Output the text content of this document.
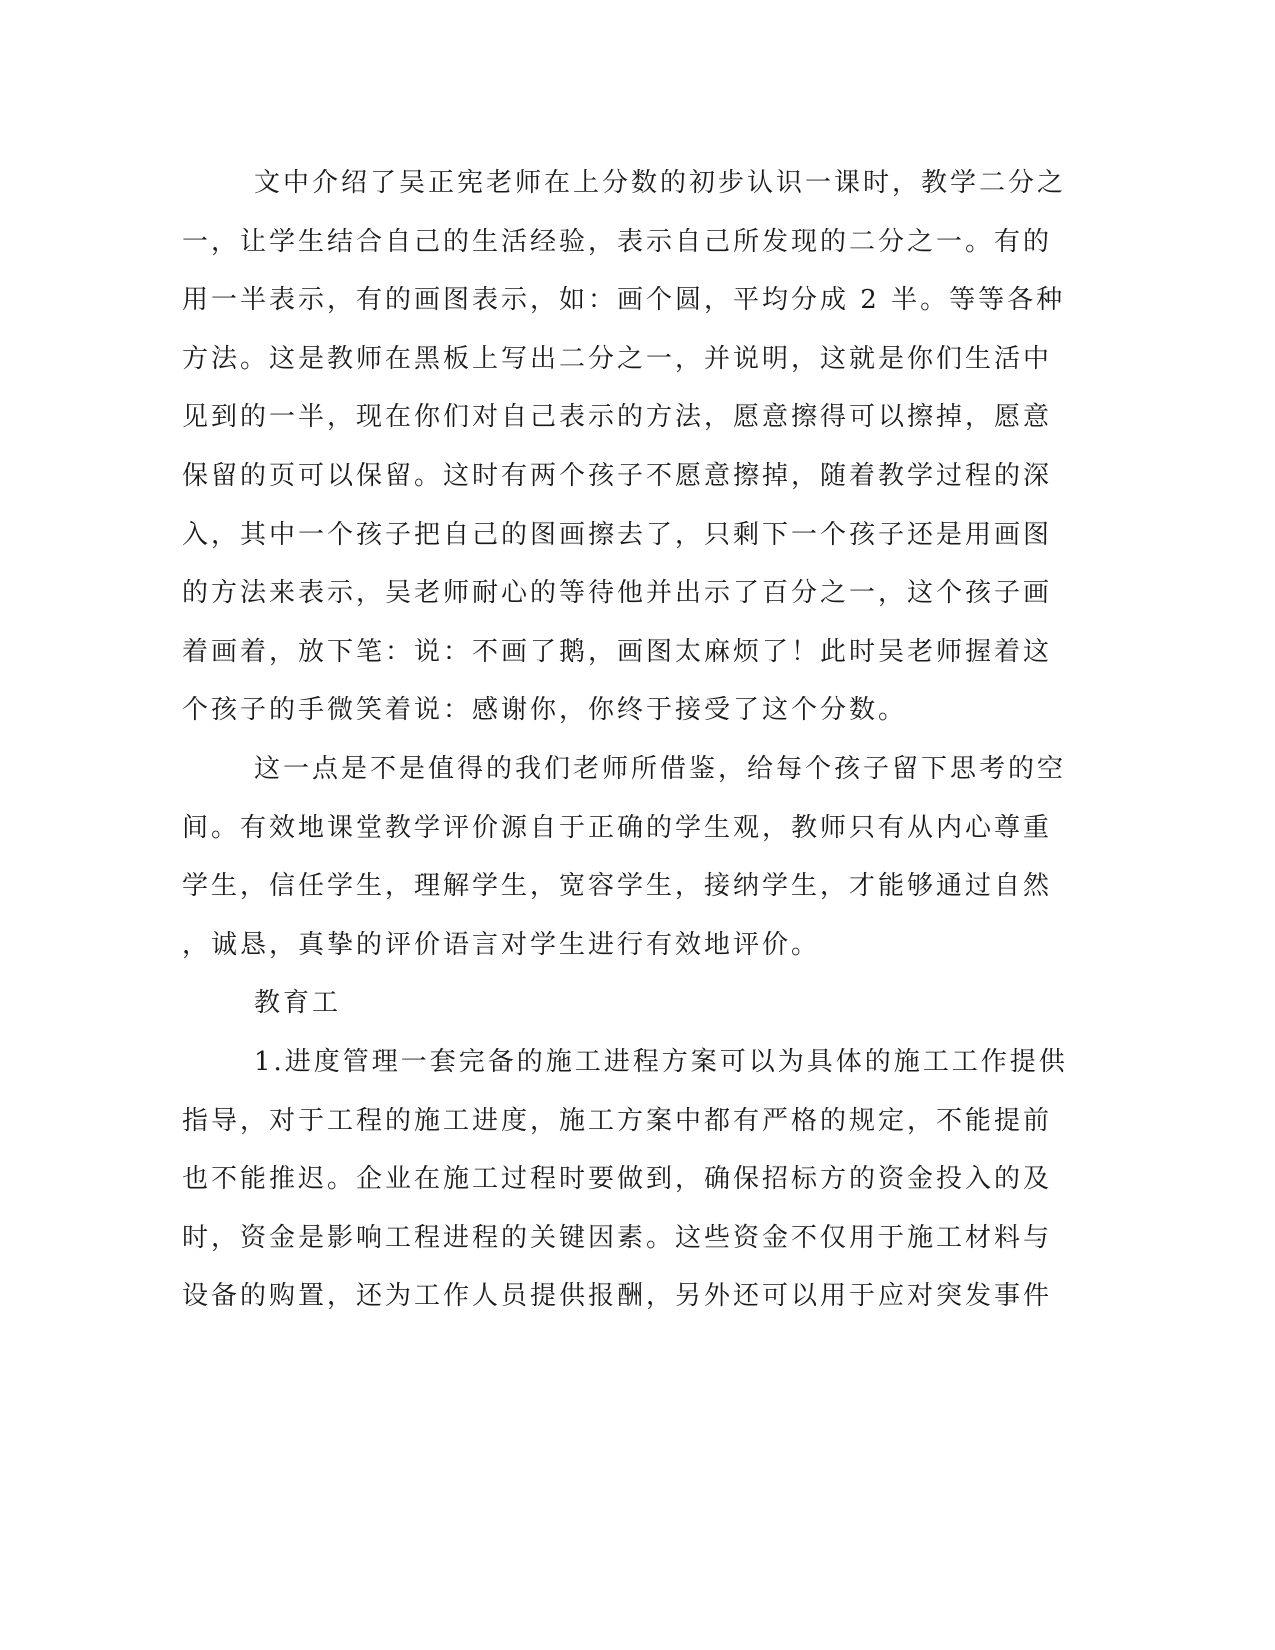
文中介绍了吴正宪老师在上分数的初步认识一课时，教学二分之
一，让学生结合自己的生活经验，表示自己所发现的二分之一。有的
用一半表示，有的画图表示，如：画个圆，平均分成 2 半。等等各种
方法。这是教师在黑板上写出二分之一，并说明，这就是你们生活中
见到的一半，现在你们对自己表示的方法，愿意擦得可以擦掉，愿意
保留的页可以保留。这时有两个孩子不愿意擦掉，随着教学过程的深
入，其中一个孩子把自己的图画擦去了，只剩下一个孩子还是用画图
的方法来表示，吴老师耐心的等待他并出示了百分之一，这个孩子画
着画着，放下笔：说：不画了鹅，画图太麻烦了！此时吴老师握着这
个孩子的手微笑着说：感谢你，你终于接受了这个分数。
这一点是不是值得的我们老师所借鉴，给每个孩子留下思考的空
间。有效地课堂教学评价源自于正确的学生观，教师只有从内心尊重
学生，信任学生，理解学生，宽容学生，接纳学生，才能够通过自然
，诚恳，真挚的评价语言对学生进行有效地评价。
教育工
1.进度管理一套完备的施工进程方案可以为具体的施工工作提供
指导，对于工程的施工进度，施工方案中都有严格的规定，不能提前
也不能推迟。企业在施工过程时要做到，确保招标方的资金投入的及
时，资金是影响工程进程的关键因素。这些资金不仅用于施工材料与
设备的购置，还为工作人员提供报酬，另外还可以用于应对突发事件
